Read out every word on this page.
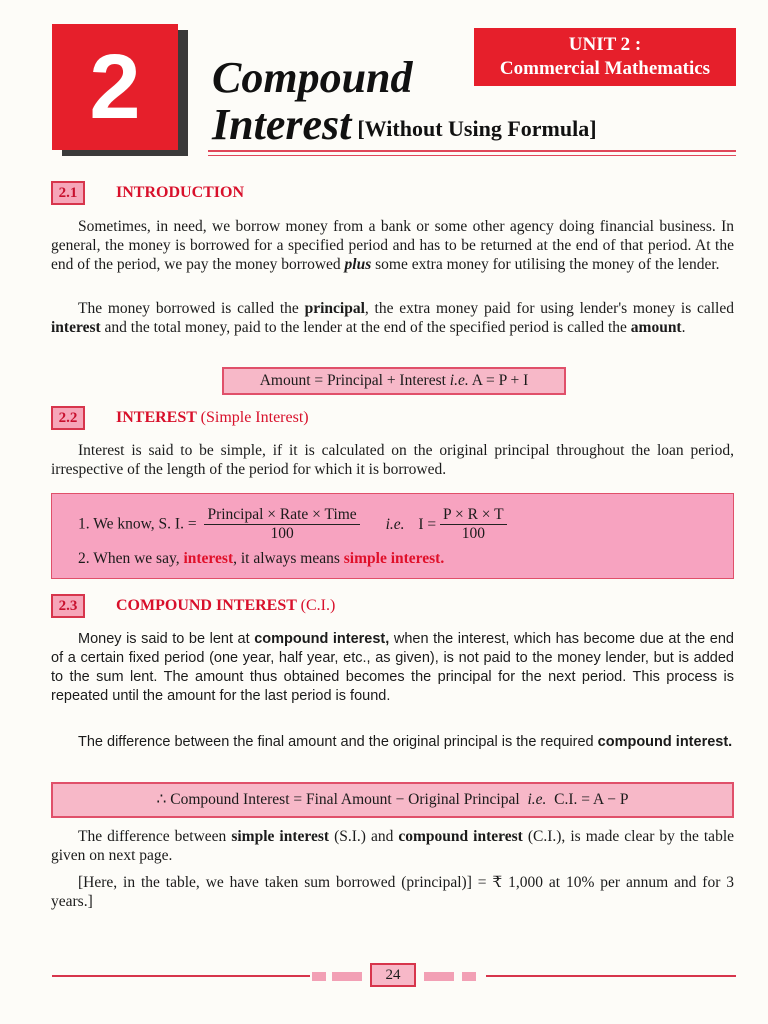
2	Compound
Interest [Without Using Formula]
UNIT 2 :
Commercial Mathematics
2.1	INTRODUCTION

Sometimes, in need, we borrow money from a bank or some other agency doing financial business. In general, the money is borrowed for a specified period and has to be returned at the end of that period. At the end of the period, we pay the money borrowed plus some extra money for utilising the money of the lender.

The money borrowed is called the principal, the extra money paid for using lender's money is called interest and the total money, paid to the lender at the end of the specified period is called the amount.

Amount = Principal + Interest i.e. A = P + I
2.2	INTEREST (Simple Interest)

Interest is said to be simple, if it is calculated on the original principal throughout the loan period, irrespective of the length of the period for which it is borrowed.

1. We know, S. I. = $\frac{\text{Principal × Rate × Time}}{100} i.e$. $I = \frac{P \times R \times T}{100}$
2. When we say, interest, it always means simple interest.
2.3	COMPOUND INTEREST (C.I.)

Money is said to be lent at compound interest, when the interest, which has become due at the end of a certain fixed period (one year, half year, etc., as given), is not paid to the money lender, but is added to the sum lent. The amount thus obtained becomes the principal for the next period. This process is repeated until the amount for the last period is found.

The difference between the final amount and the original principal is the required compound interest.

∴ Compound Interest = Final Amount − Original Principal i.e. C.I. = A − P

The difference between simple interest (S.I.) and compound interest (C.I.), is made clear by the table given on next page.

[Here, in the table, we have taken sum borrowed (principal)] = ₹ 1,000 at 10% per annum and for 3 years.]

24
